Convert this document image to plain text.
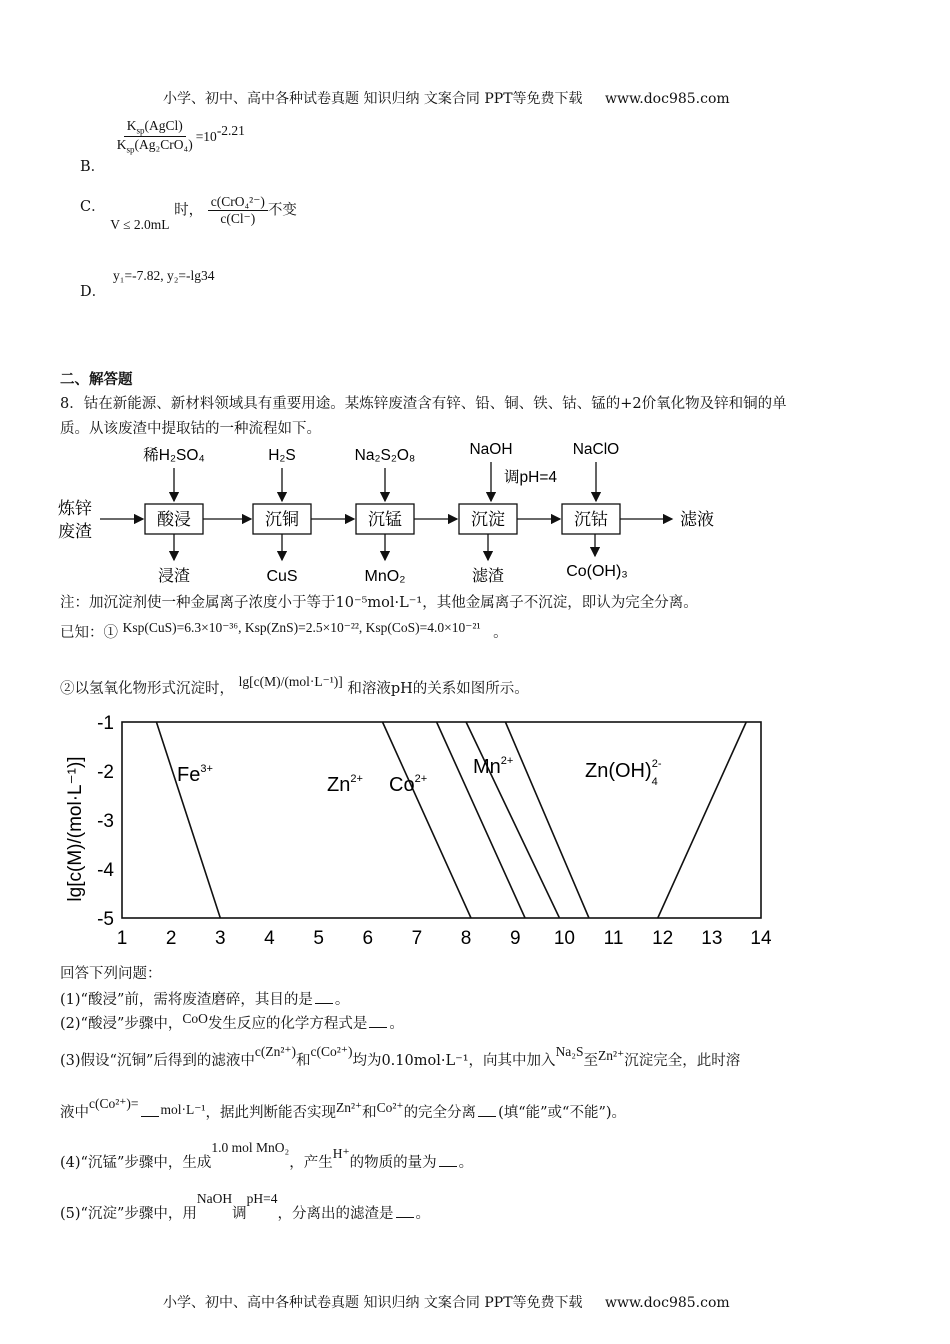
小学、初中、高中各种试卷真题 知识归纳 文案合同 PPT等免费下载 www.doc985.com
B．
$\frac{K_{sp}(AgCl)}{K_{sp}(Ag_2CrO_4)} =10^{-2.21}$
C． V ≤ 2.0mL 时， $\frac{\text{c(CrO₄²⁻)}}{c(Cl^-)}$ 不变
y₁=-7.82, y₂=-lg34
D．
二、解答题
8．钴在新能源、新材料领域具有重要用途。某炼锌废渣含有锌、铅、铜、铁、钴、锰的+2价氧化物及锌和铜的单
质。从该废渣中提取钴的一种流程如下。
炼锌
废渣
酸浸	沉铜	沉锰	沉淀	沉钴	滤液
稀H₂SO₄	H₂S	Na₂S₂O₈	NaOH
调pH=4
NaClO
浸渣	CuS	MnO₂	滤渣	Co(OH)₃
注：加沉淀剂使一种金属离子浓度小于等于10⁻⁵mol·L⁻¹，其他金属离子不沉淀，即认为完全分离。
已知：① Ksp(CuS)=6.3×10⁻³⁶, Ksp(ZnS)=2.5×10⁻²², Ksp(CoS)=4.0×10⁻²¹ 。
②以氢氧化物形式沉淀时， lg[c(M)/(mol·L⁻¹)] 和溶液pH的关系如图所示。
lg[c(M)/(mol·L⁻¹)]
-1
-2
-3
-4
-5
1 2 3 4 5 6 7 8 9 10 11 12 13 14
$Fe^{3+}$
$Zn^{2+}$ $Co^{2+}$
$Mn^{2+}$	$Zn(OH)_42-$
回答下列问题：
(1)“酸浸”前，需将废渣磨碎，其目的是 。
(2)“酸浸”步骤中，CoO发生反应的化学方程式是 。
(3)假设“沉铜”后得到的滤液中c(Zn²⁺)和c(Co²⁺)均为0.10mol·L⁻¹，向其中加入Na₂S至Zn²⁺沉淀完全，此时溶
液中c(Co²⁺)= mol·L⁻¹，据此判断能否实现Zn²⁺和Co²⁺的完全分离 (填“能”或“不能”)。
(4)“沉锰”步骤中，生成1.0 mol MnO₂，产生H⁺的物质的量为 。
(5)“沉淀”步骤中，用NaOH调pH=4，分离出的滤渣是 。
小学、初中、高中各种试卷真题 知识归纳 文案合同 PPT等免费下载 www.doc985.com
